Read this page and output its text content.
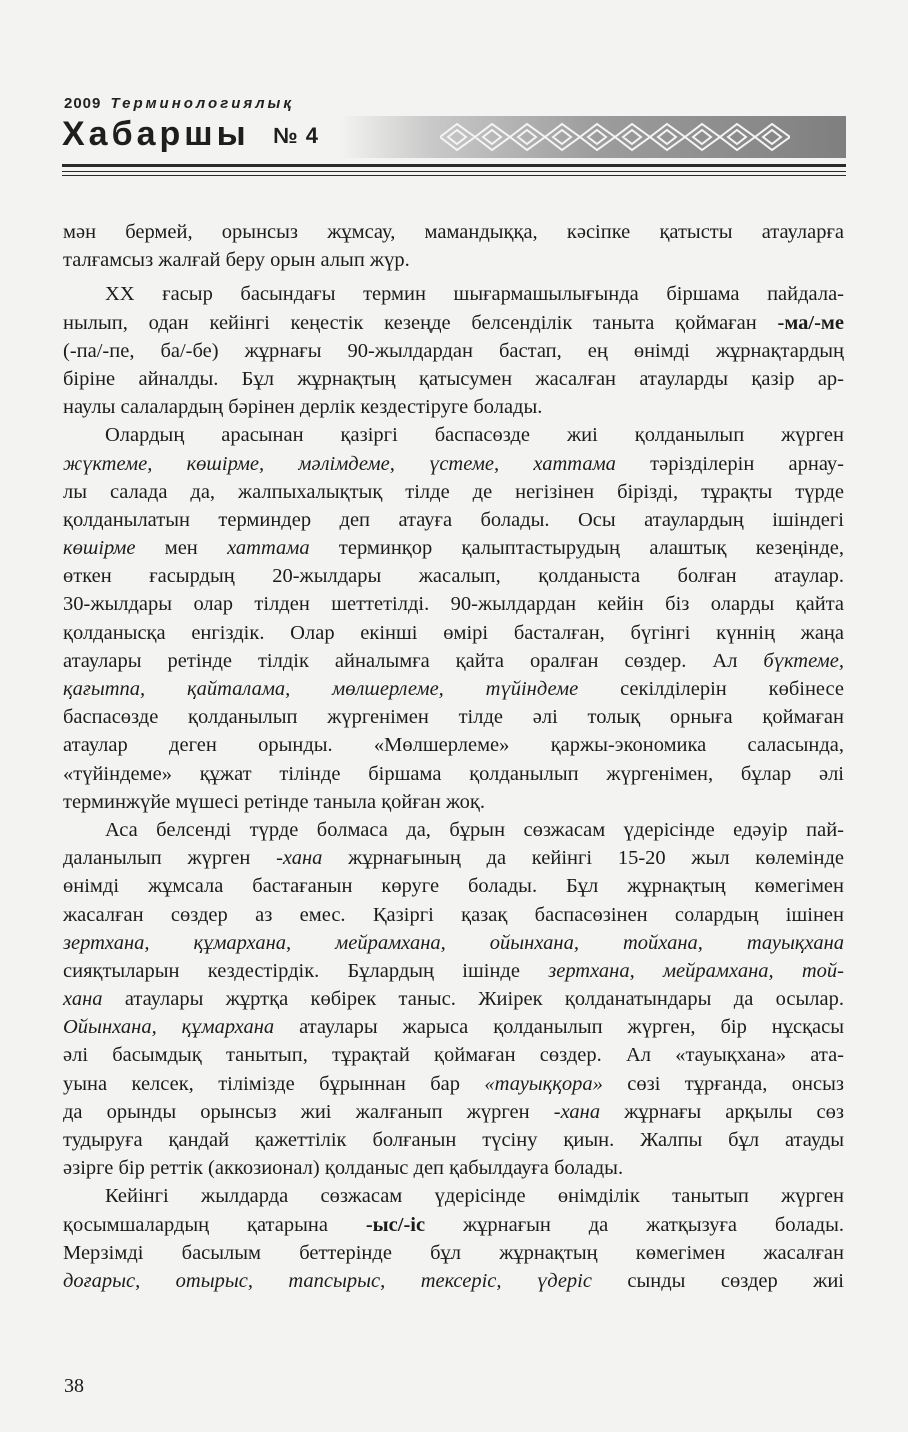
2009 Терминологиялық
Хабаршы № 4
мән бермей, орынсыз жұмсау, мамандыққа, кәсіпке қатысты атауларға
талғамсыз жалғай беру орын алып жүр.
ХХ ғасыр басындағы термин шығармашылығында біршама пайдала-
нылып, одан кейінгі кеңестік кезеңде белсенділік таныта қоймаған -ма/-ме
(-па/-пе, ба/-бе) жұрнағы 90-жылдардан бастап, ең өнімді жұрнақтардың
біріне айналды. Бұл жұрнақтың қатысумен жасалған атауларды қазір ар-
наулы салалардың бәрінен дерлік кездестіруге болады.
Олардың арасынан қазіргі баспасөзде жиі қолданылып жүрген
жүктеме, көшірме, мәлімдеме, үстеме, хаттама тәрізділерін арнау-
лы салада да, жалпыхалықтық тілде де негізінен бірізді, тұрақты түрде
қолданылатын терминдер деп атауға болады. Осы атаулардың ішіндегі
көшірме мен хаттама терминқор қалыптастырудың алаштық кезеңінде,
өткен ғасырдың 20-жылдары жасалып, қолданыста болған атаулар.
30-жылдары олар тілден шеттетілді. 90-жылдардан кейін біз оларды қайта
қолданысқа енгіздік. Олар екінші өмірі басталған, бүгінгі күннің жаңа
атаулары ретінде тілдік айналымға қайта оралған сөздер. Ал бүктеме,
қағытпа, қайталама, мөлшерлеме, түйіндеме секілділерін көбінесе
баспасөзде қолданылып жүргенімен тілде әлі толық орнығa қоймаған
атаулар деген орынды. «Мөлшерлеме» қаржы-экономика саласында,
«түйіндеме» құжат тілінде біршама қолданылып жүргенімен, бұлар әлі
терминжүйе мүшесі ретінде таныла қойған жоқ.
Аса белсенді түрде болмаса да, бұрын сөзжасам үдерісінде едәуір пай-
даланылып жүрген -хана жұрнағының да кейінгі 15-20 жыл көлемінде
өнімді жұмсала бастағанын көруге болады. Бұл жұрнақтың көмегімен
жасалған сөздер аз емес. Қазіргі қазақ баспасөзінен солардың ішінен
зертхана, құмархана, мейрамхана, ойынхана, тойхана, тауықхана
сияқтыларын кездестірдік. Бұлардың ішінде зертхана, мейрамхана, той-
хана атаулары жұртқа көбірек таныс. Жиірек қолданатындары да осылар.
Ойынхана, құмархана атаулары жарыса қолданылып жүрген, бір нұсқасы
әлі басымдық танытып, тұрақтай қоймаған сөздер. Ал «тауықхана» ата-
уына келсек, тілімізде бұрыннан бар «тауыққора» сөзі тұрғанда, онсыз
да орынды орынсыз жиі жалғанып жүрген -хана жұрнағы арқылы сөз
тудыруға қандай қажеттілік болғанын түсіну қиын. Жалпы бұл атауды
әзірге бір реттік (аккозионал) қолданыс деп қабылдауға болады.
Кейінгі жылдарда сөзжасам үдерісінде өнімділік танытып жүрген
қосымшалардың қатарына -ыс/-іс жұрнағын да жатқызуға болады.
Мерзімді басылым беттерінде бұл жұрнақтың көмегімен жасалған
доғарыс, отырыс, тапсырыс, тексеріс, үдеріс сынды сөздер жиі
38
